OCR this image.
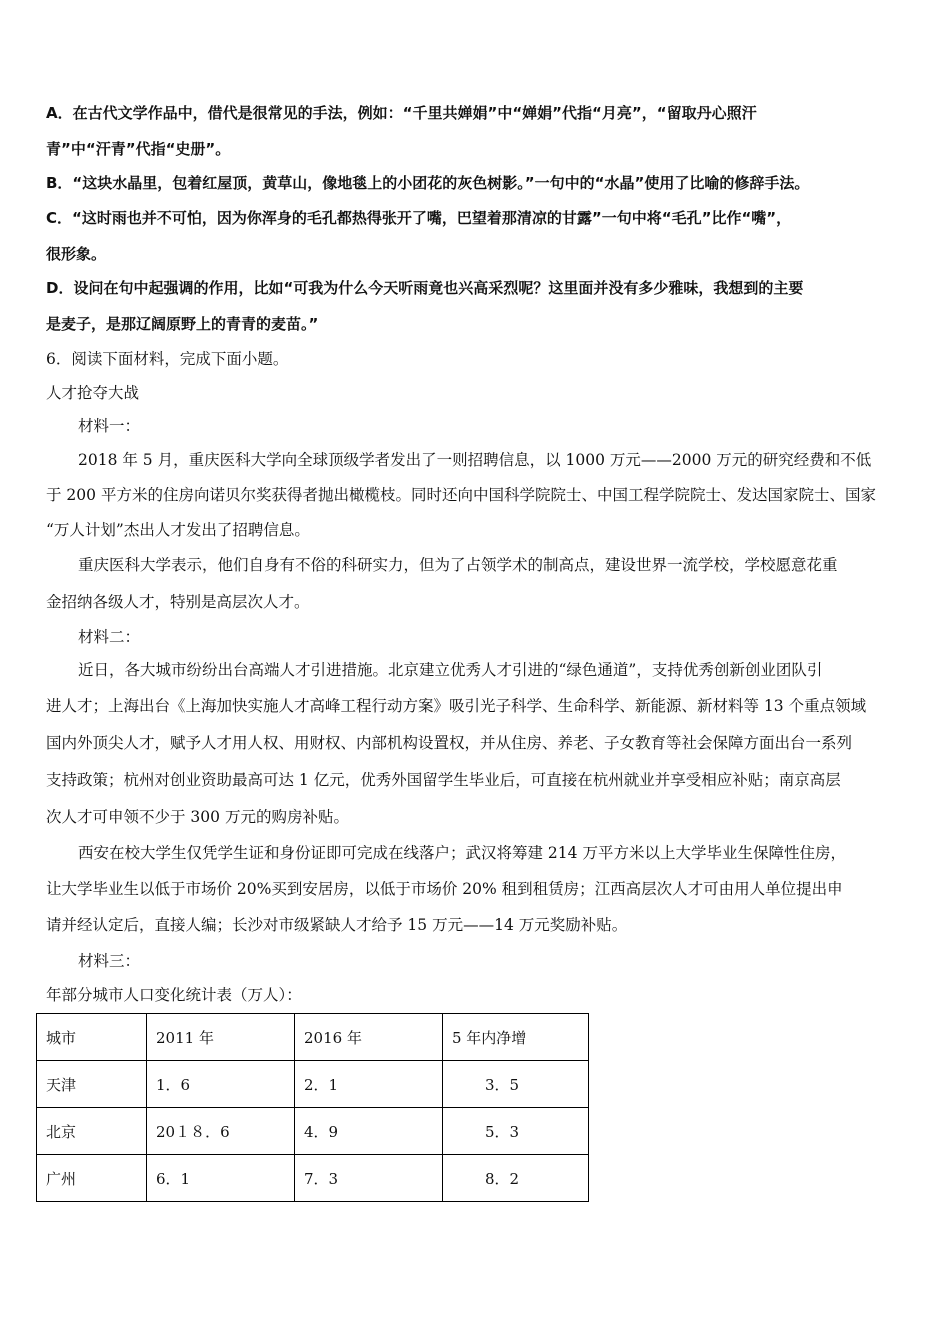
A．在古代文学作品中，借代是很常见的手法，例如：“千里共婵娟”中“婵娟”代指“月亮”，“留取丹心照汗
青”中“汗青”代指“史册”。
B．“这块水晶里，包着红屋顶，黄草山，像地毯上的小团花的灰色树影。”一句中的“水晶”使用了比喻的修辞手法。
C．“这时雨也并不可怕，因为你浑身的毛孔都热得张开了嘴，巴望着那清凉的甘露”一句中将“毛孔”比作“嘴”，
很形象。
D．设问在句中起强调的作用，比如“可我为什么今天听雨竟也兴高采烈呢？这里面并没有多少雅味，我想到的主要
是麦子，是那辽阔原野上的青青的麦苗。”
6．阅读下面材料，完成下面小题。
人才抢夺大战
材料一：
2018 年 5 月，重庆医科大学向全球顶级学者发出了一则招聘信息，以 1000 万元——2000 万元的研究经费和不低
于 200 平方米的住房向诺贝尔奖获得者抛出橄榄枝。同时还向中国科学院院士、中国工程学院院士、发达国家院士、国家
“万人计划”杰出人才发出了招聘信息。
重庆医科大学表示，他们自身有不俗的科研实力，但为了占领学术的制高点，建设世界一流学校，学校愿意花重
金招纳各级人才，特别是高层次人才。
材料二：
近日，各大城市纷纷出台高端人才引进措施。北京建立优秀人才引进的“绿色通道”，支持优秀创新创业团队引
进人才；上海出台《上海加快实施人才高峰工程行动方案》吸引光子科学、生命科学、新能源、新材料等 13 个重点领域
国内外顶尖人才，赋予人才用人权、用财权、内部机构设置权，并从住房、养老、子女教育等社会保障方面出台一系列
支持政策；杭州对创业资助最高可达 1 亿元，优秀外国留学生毕业后，可直接在杭州就业并享受相应补贴；南京高层
次人才可申领不少于 300 万元的购房补贴。
西安在校大学生仅凭学生证和身份证即可完成在线落户；武汉将筹建 214 万平方米以上大学毕业生保障性住房，
让大学毕业生以低于市场价 20%买到安居房，以低于市场价 20% 租到租赁房；江西高层次人才可由用人单位提出申
请并经认定后，直接人编；长沙对市级紧缺人才给予 15 万元——14 万元奖励补贴。
材料三：
年部分城市人口变化统计表（万人）：
城市	2011 年	2016 年	5 年内净增
天津	1．6	2．1	3．5
北京	20１８．6	4．9	5．3
广州	6．1	7．3	8．2
